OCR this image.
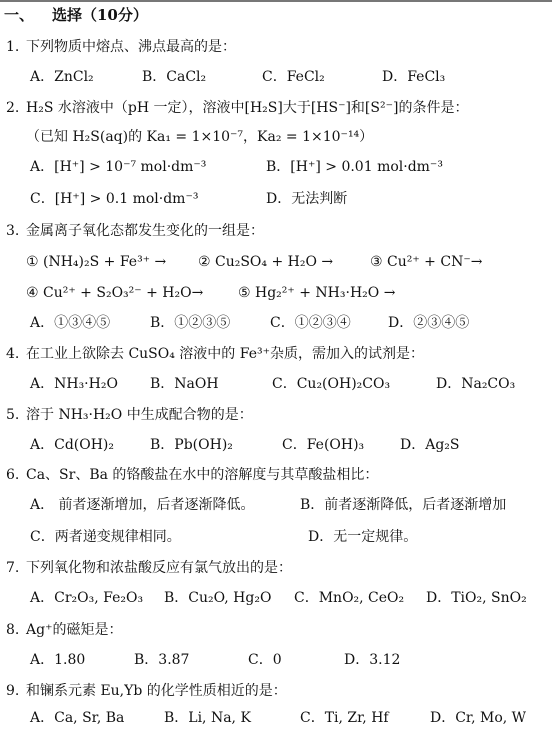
一、 选择（10分）
1. 下列物质中熔点、沸点最高的是：
A．ZnCl₂	B．CaCl₂	C．FeCl₂	D．FeCl₃
2. H₂S 水溶液中（pH 一定），溶液中[H₂S]大于[HS⁻]和[S²⁻]的条件是：
（已知 H₂S(aq)的 Ka₁ = 1×10⁻⁷，Ka₂ = 1×10⁻¹⁴）
A．[H⁺] > 10⁻⁷ mol·dm⁻³	B．[H⁺] > 0.01 mol·dm⁻³
C．[H⁺] > 0.1 mol·dm⁻³	D．无法判断
3. 金属离子氧化态都发生变化的一组是：
① (NH₄)₂S + Fe³⁺ → ② Cu₂SO₄ + H₂O →	③ Cu²⁺ + CN⁻→
④ Cu²⁺ + S₂O₃²⁻ + H₂O→ ⑤ Hg₂²⁺ + NH₃·H₂O →
A．①③④⑤	B．①②③⑤	C．①②③④	D．②③④⑤
4. 在工业上欲除去 CuSO₄ 溶液中的 Fe³⁺杂质，需加入的试剂是：
A．NH₃·H₂O B．NaOH	C．Cu₂(OH)₂CO₃	D．Na₂CO₃
5. 溶于 NH₃·H₂O 中生成配合物的是：
A．Cd(OH)₂	B．Pb(OH)₂	C．Fe(OH)₃	D．Ag₂S
6. Ca、Sr、Ba 的铬酸盐在水中的溶解度与其草酸盐相比：
A． 前者逐渐增加，后者逐渐降低。	B．前者逐渐降低，后者逐渐增加
C．两者递变规律相同。	D．无一定规律。
7. 下列氧化物和浓盐酸反应有氯气放出的是：
A．Cr₂O₃, Fe₂O₃ B．Cu₂O, Hg₂O C．MnO₂, CeO₂ D．TiO₂, SnO₂
8. Ag⁺的磁矩是：
A．1.80	B．3.87	C．0	D．3.12
9. 和镧系元素 Eu,Yb 的化学性质相近的是：
A．Ca, Sr, Ba	B．Li, Na, K	C．Ti, Zr, Hf	D．Cr, Mo, W
